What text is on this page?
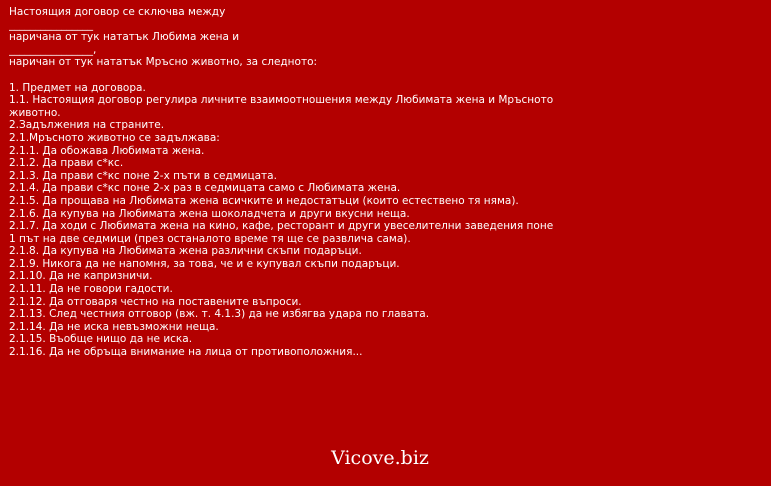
Настоящия договор се сключва между
________________
наричана от тук нататък Любима жена и
________________,
наричан от тук нататък Мръсно животно, за следното:
1. Предмет на договора.
1.1. Настоящия договор регулира личните взаимоотношения между Любимата жена и Мръсното
животно.
2.Задължения на страните.
2.1.Мръсното животно се задължава:
2.1.1. Да обожава Любимата жена.
2.1.2. Да прави с*кс.
2.1.3. Да прави с*кс поне 2-х пъти в седмицата.
2.1.4. Да прави с*кс поне 2-х раз в седмицата само с Любимата жена.
2.1.5. Да прощава на Любимата жена всичките и недостатъци (които естествено тя няма).
2.1.6. Да купува на Любимата жена шоколадчета и други вкусни неща.
2.1.7. Да ходи с Любимата жена на кино, кафе, ресторант и други увеселителни заведения поне
1 път на две седмици (през останалото време тя ще се развлича сама).
2.1.8. Да купува на Любимата жена различни скъпи подаръци.
2.1.9. Никога да не напомня, за това, че и е купувал скъпи подаръци.
2.1.10. Да не капризничи.
2.1.11. Да не говори гадости.
2.1.12. Да отговаря честно на поставените въпроси.
2.1.13. След честния отговор (вж. т. 4.1.3) да не избягва удара по главата.
2.1.14. Да не иска невъзможни неща.
2.1.15. Въобще нищо да не иска.
2.1.16. Да не обръща внимание на лица от противоположния...
Vicove.biz
